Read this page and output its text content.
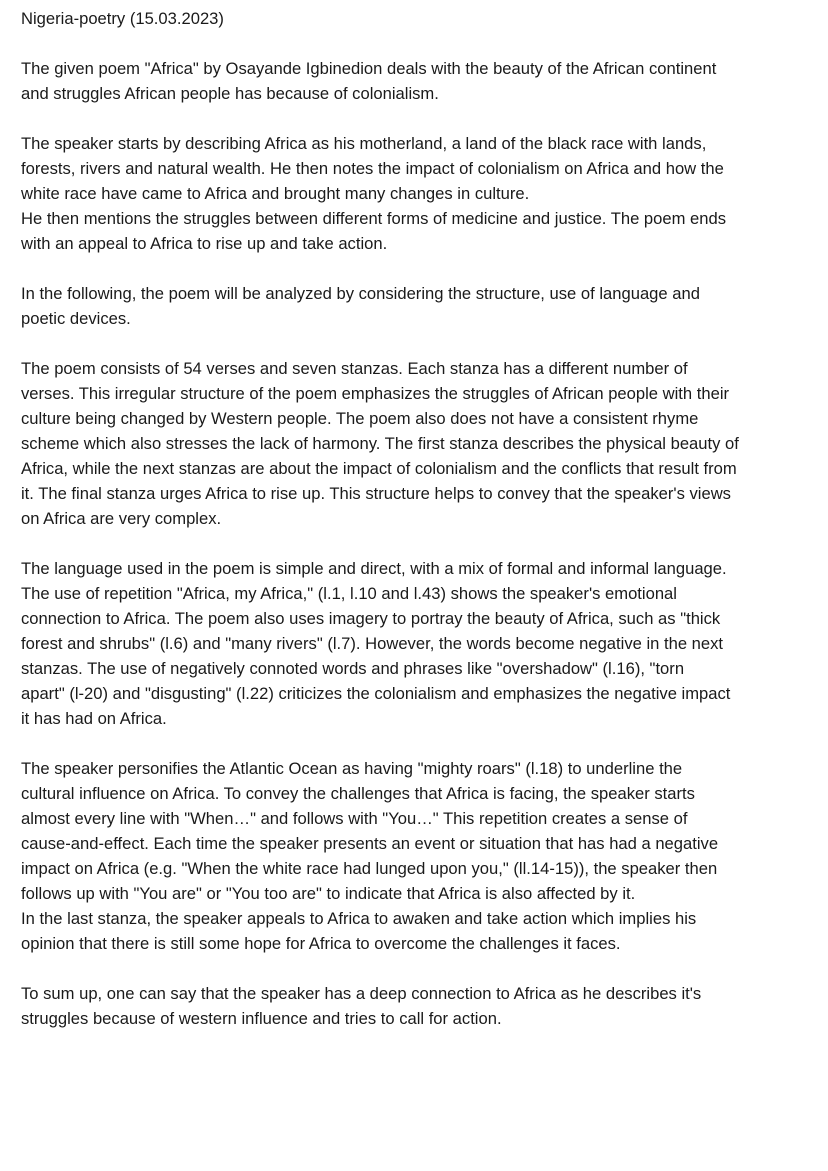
Nigeria-poetry (15.03.2023)
The given poem "Africa" by Osayande Igbinedion deals with the beauty of the African continent
and struggles African people has because of colonialism.
The speaker starts by describing Africa as his motherland, a land of the black race with lands,
forests, rivers and natural wealth. He then notes the impact of colonialism on Africa and how the
white race have came to Africa and brought many changes in culture.
He then mentions the struggles between different forms of medicine and justice. The poem ends
with an appeal to Africa to rise up and take action.
In the following, the poem will be analyzed by considering the structure, use of language and
poetic devices.
The poem consists of 54 verses and seven stanzas. Each stanza has a different number of
verses. This irregular structure of the poem emphasizes the struggles of African people with their
culture being changed by Western people. The poem also does not have a consistent rhyme
scheme which also stresses the lack of harmony. The first stanza describes the physical beauty of
Africa, while the next stanzas are about the impact of colonialism and the conflicts that result from
it. The final stanza urges Africa to rise up. This structure helps to convey that the speaker's views
on Africa are very complex.
The language used in the poem is simple and direct, with a mix of formal and informal language.
The use of repetition "Africa, my Africa," (l.1, l.10 and l.43) shows the speaker's emotional
connection to Africa. The poem also uses imagery to portray the beauty of Africa, such as "thick
forest and shrubs" (l.6) and "many rivers" (l.7). However, the words become negative in the next
stanzas. The use of negatively connoted words and phrases like "overshadow" (l.16), "torn
apart" (l-20) and "disgusting" (l.22) criticizes the colonialism and emphasizes the negative impact
it has had on Africa.
The speaker personifies the Atlantic Ocean as having "mighty roars" (l.18) to underline the
cultural influence on Africa. To convey the challenges that Africa is facing, the speaker starts
almost every line with "When…" and follows with "You…" This repetition creates a sense of
cause-and-effect. Each time the speaker presents an event or situation that has had a negative
impact on Africa (e.g. "When the white race had lunged upon you," (ll.14-15)), the speaker then
follows up with "You are" or "You too are" to indicate that Africa is also affected by it.
In the last stanza, the speaker appeals to Africa to awaken and take action which implies his
opinion that there is still some hope for Africa to overcome the challenges it faces.
To sum up, one can say that the speaker has a deep connection to Africa as he describes it's
struggles because of western influence and tries to call for action.
